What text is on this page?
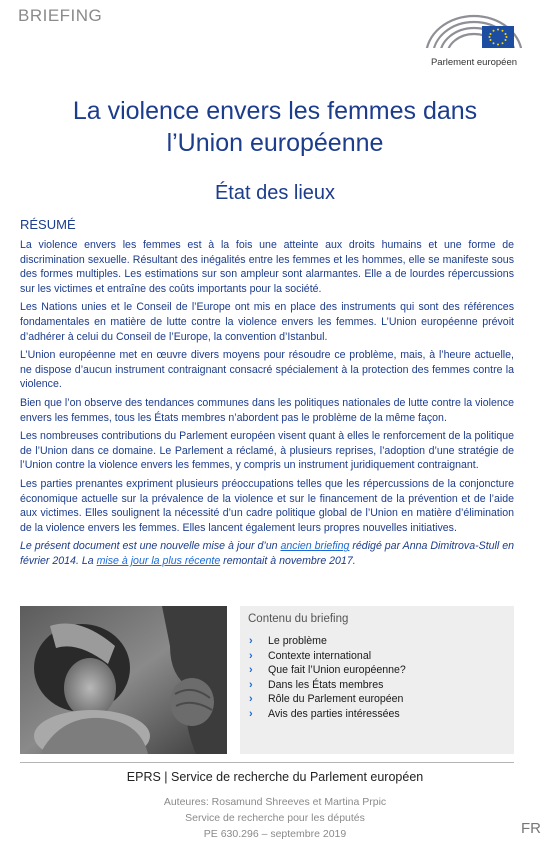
BRIEFING
Parlement européen
La violence envers les femmes dans
l’Union européenne
État des lieux
RÉSUMÉ

La violence envers les femmes est à la fois une atteinte aux droits humains et une forme de discrimination sexuelle. Résultant des inégalités entre les femmes et les hommes, elle se manifeste sous des formes multiples. Les estimations sur son ampleur sont alarmantes. Elle a de lourdes répercussions sur les victimes et entraîne des coûts importants pour la société.

Les Nations unies et le Conseil de l’Europe ont mis en place des instruments qui sont des références fondamentales en matière de lutte contre la violence envers les femmes. L’Union européenne prévoit d’adhérer à celui du Conseil de l’Europe, la convention d’Istanbul.

L’Union européenne met en œuvre divers moyens pour résoudre ce problème, mais, à l’heure actuelle, ne dispose d’aucun instrument contraignant consacré spécialement à la protection des femmes contre la violence.

Bien que l’on observe des tendances communes dans les politiques nationales de lutte contre la violence envers les femmes, tous les États membres n’abordent pas le problème de la même façon.

Les nombreuses contributions du Parlement européen visent quant à elles le renforcement de la politique de l’Union dans ce domaine. Le Parlement a réclamé, à plusieurs reprises, l’adoption d’une stratégie de l’Union contre la violence envers les femmes, y compris un instrument juridiquement contraignant.

Les parties prenantes expriment plusieurs préoccupations telles que les répercussions de la conjoncture économique actuelle sur la prévalence de la violence et sur le financement de la prévention et de l’aide aux victimes. Elles soulignent la nécessité d’un cadre politique global de l’Union en matière d’élimination de la violence envers les femmes. Elles lancent également leurs propres nouvelles initiatives.

Le présent document est une nouvelle mise à jour d’un ancien briefing rédigé par Anna Dimitrova-Stull en février 2014. La mise à jour la plus récente remontait à novembre 2017.

Contenu du briefing
› Le problème
› Contexte international
› Que fait l’Union européenne?
› Dans les États membres
› Rôle du Parlement européen
› Avis des parties intéressées
EPRS | Service de recherche du Parlement européen
Auteures: Rosamund Shreeves et Martina Prpic
Service de recherche pour les députés
PE 630.296 – septembre 2019	FR
